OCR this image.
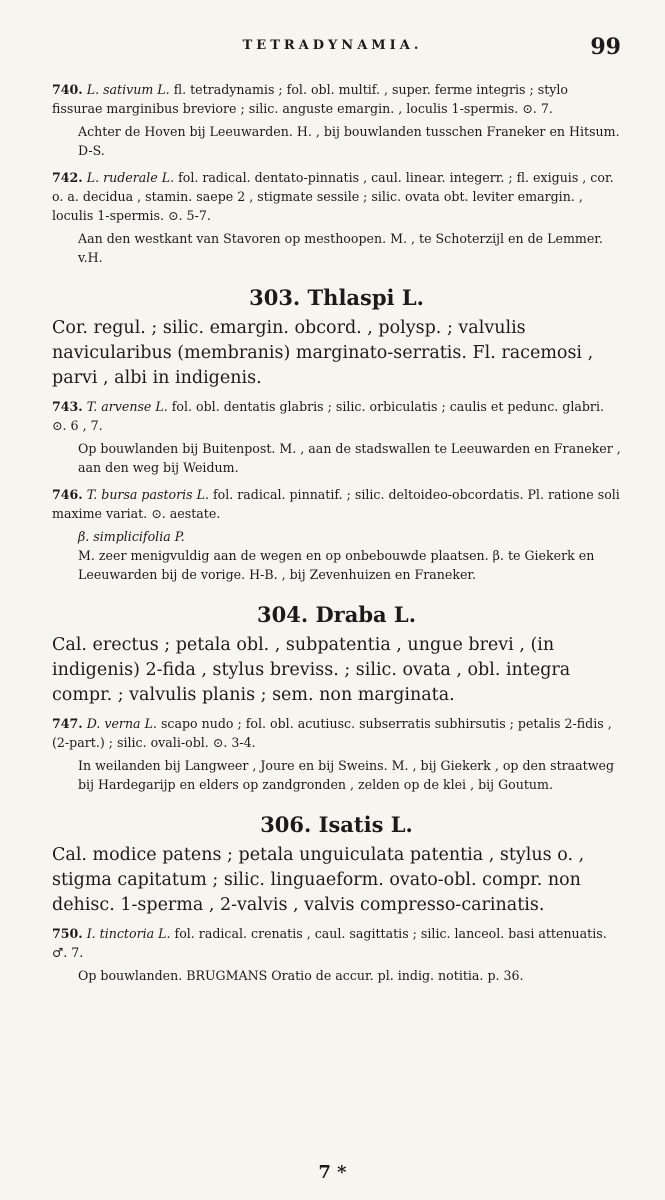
TETRADYNAMIA.	99
740. L. sativum L. fl. tetradynamis ; fol. obl. multif. , super. ferme integris ; stylo fissurae marginibus breviore ; silic. anguste emargin. , loculis 1-spermis. ⊙. 7.
Achter de Hoven bij Leeuwarden. H. , bij bouwlanden tusschen Franeker en Hitsum. D-S.
742. L. ruderale L. fol. radical. dentato-pinnatis , caul. linear. integerr. ; fl. exiguis , cor. o. a. decidua , stamin. saepe 2 , stigmate sessile ; silic. ovata obt. leviter emargin. , loculis 1-spermis. ⊙. 5-7.
Aan den westkant van Stavoren op mesthoopen. M. , te Schoterzijl en de Lemmer. v.H.
303. Thlaspi L.
Cor. regul. ; silic. emargin. obcord. , polysp. ; valvulis navicularibus (membranis) marginato-serratis. Fl. racemosi , parvi , albi in indigenis.
743. T. arvense L. fol. obl. dentatis glabris ; silic. orbiculatis ; caulis et pedunc. glabri. ⊙. 6 , 7.
Op bouwlanden bij Buitenpost. M. , aan de stadswallen te Leeuwarden en Franeker , aan den weg bij Weidum.
746. T. bursa pastoris L. fol. radical. pinnatif. ; silic. deltoideo-obcordatis. Pl. ratione soli maxime variat. ⊙. aestate.
β. simplicifolia P.
M. zeer menigvuldig aan de wegen en op onbebouwde plaatsen. β. te Giekerk en Leeuwarden bij de vorige. H-B. , bij Zevenhuizen en Franeker.
304. Draba L.
Cal. erectus ; petala obl. , subpatentia , ungue brevi , (in indigenis) 2-fida , stylus breviss. ; silic. ovata , obl. integra compr. ; valvulis planis ; sem. non marginata.
747. D. verna L. scapo nudo ; fol. obl. acutiusc. subserratis subhirsutis ; petalis 2-fidis , (2-part.) ; silic. ovali-obl. ⊙. 3-4.
In weilanden bij Langweer , Joure en bij Sweins. M. , bij Giekerk , op den straatweg bij Hardegarijp en elders op zandgronden , zelden op de klei , bij Goutum.
306. Isatis L.
Cal. modice patens ; petala unguiculata patentia , stylus o. , stigma capitatum ; silic. linguaeform. ovato-obl. compr. non dehisc. 1-sperma , 2-valvis , valvis compresso-carinatis.
750. I. tinctoria L. fol. radical. crenatis , caul. sagittatis ; silic. lanceol. basi attenuatis. ♂. 7.
Op bouwlanden. BRUGMANS Oratio de accur. pl. indig. notitia. p. 36.
7 *
